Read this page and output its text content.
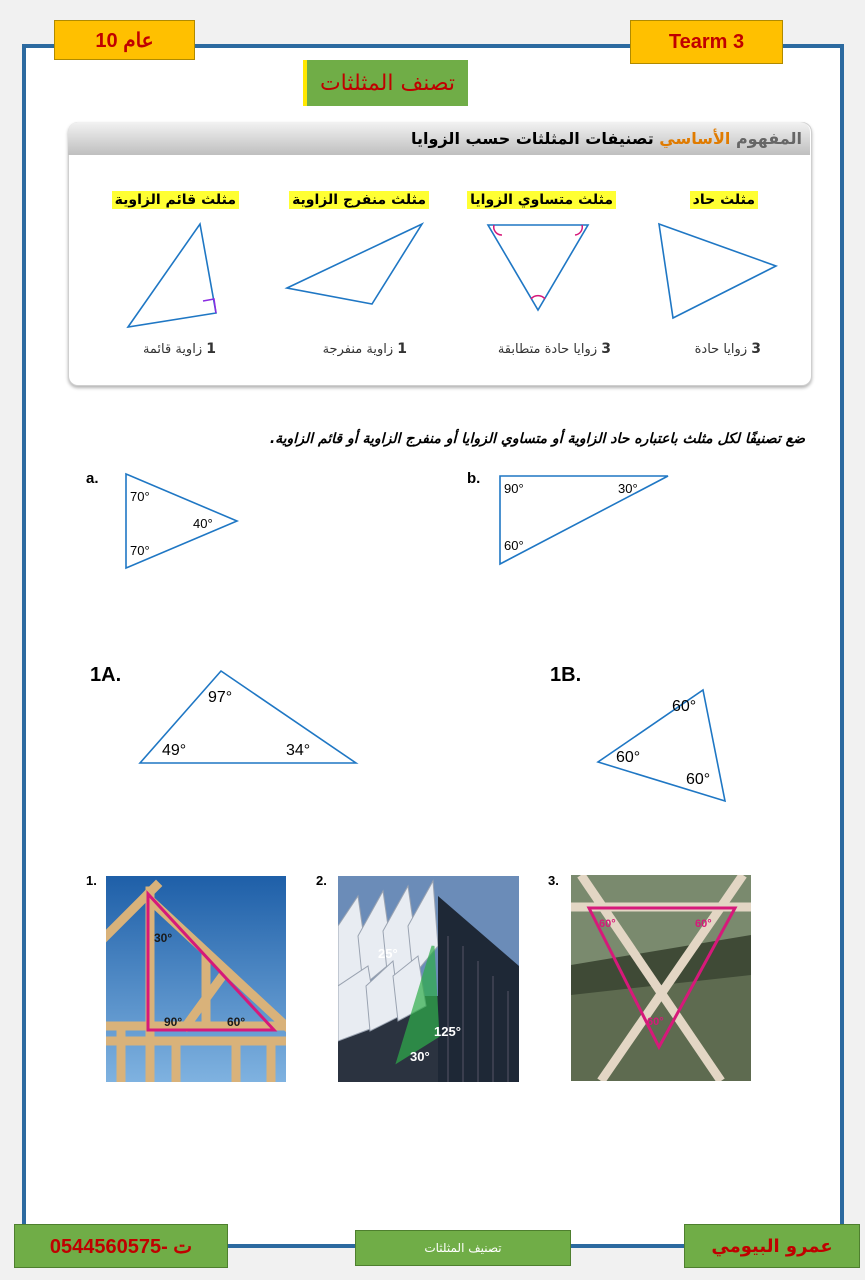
10 عام	Tearm 3
تصنف المثلثات
المفهوم

الأساسي

تصنيفات المثلثات حسب الزوايا
مثلث حاد
مثلث متساوي الزوايا
مثلث منفرج الزاوية
مثلث قائم الزاوية
3 زوايا حادة
3 زوايا حادة متطابقة
1 زاوية منفرجة
1 زاوية قائمة
ضع تصنيفًا لكل مثلث باعتباره حاد الزاوية أو متساوي الزوايا أو منفرج الزاوية أو قائم الزاوية.
a.	b.
1A.	1B.
70°
40°
70°
90°	30°
60°
97°
49°	34°
60°
60°
60°
1.	2.	3.
30°
90°	60°
25°
125°
30°
60°	60°
60°
ت -0544560575	تصنيف المثلثات	عمرو البيومي
